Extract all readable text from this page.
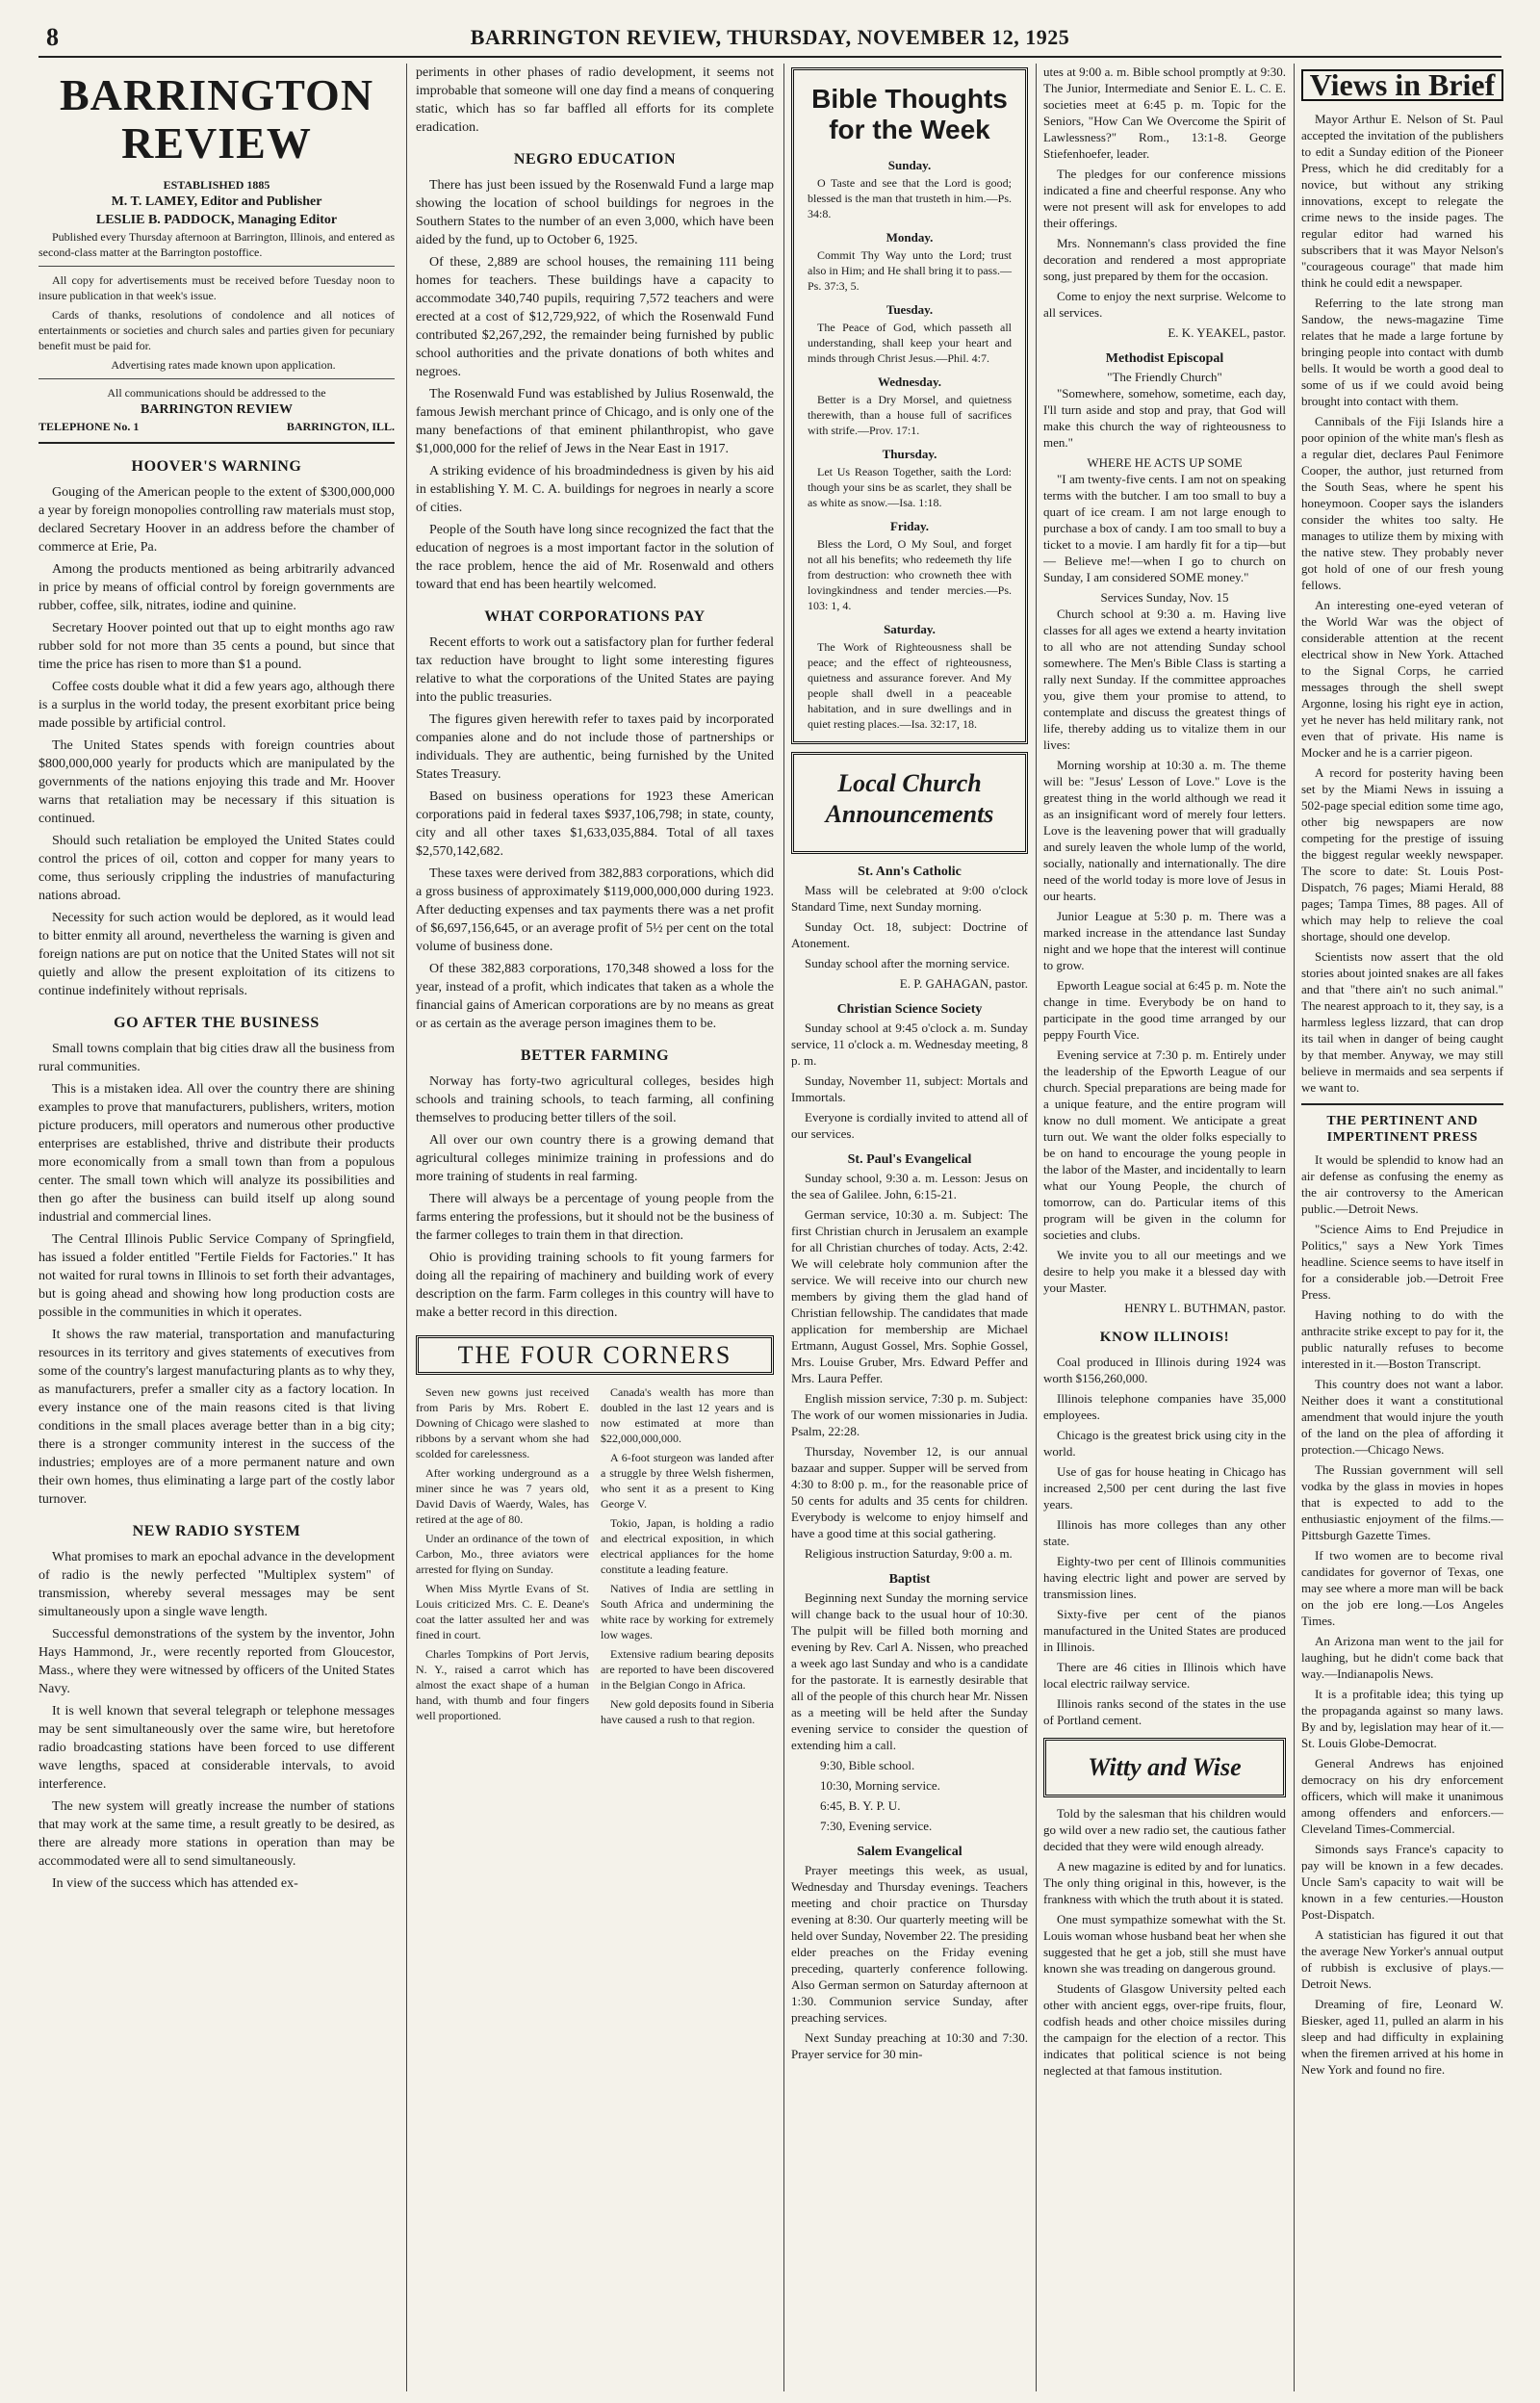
8	BARRINGTON REVIEW, THURSDAY, NOVEMBER 12, 1925
BARRINGTON REVIEW
ESTABLISHED 1885
M. T. LAMEY, Editor and Publisher
LESLIE B. PADDOCK, Managing Editor

Published every Thursday afternoon at Barrington, Illinois, and entered as second-class matter at the Barrington postoffice.

All copy for advertisements must be received before Tuesday noon to insure publication in that week's issue.

Cards of thanks, resolutions of condolence and all notices of entertainments or societies and church sales and parties given for pecuniary benefit must be paid for.

Advertising rates made known upon application.

All communications should be addressed to the
BARRINGTON REVIEW
TELEPHONE No. 1	BARRINGTON, ILL.
HOOVER'S WARNING

Gouging of the American people to the extent of $300,000,000 a year by foreign monopolies controlling raw materials must stop, declared Secretary Hoover in an address before the chamber of commerce at Erie, Pa.

Among the products mentioned as being arbitrarily advanced in price by means of official control by foreign governments are rubber, coffee, silk, nitrates, iodine and quinine.

Secretary Hoover pointed out that up to eight months ago raw rubber sold for not more than 35 cents a pound, but since that time the price has risen to more than $1 a pound.

Coffee costs double what it did a few years ago, although there is a surplus in the world today, the present exorbitant price being made possible by artificial control.

The United States spends with foreign countries about $800,000,000 yearly for products which are manipulated by the governments of the nations enjoying this trade and Mr. Hoover warns that retaliation may be necessary if this situation is continued.

Should such retaliation be employed the United States could control the prices of oil, cotton and copper for many years to come, thus seriously crippling the industries of manufacturing nations abroad.

Necessity for such action would be deplored, as it would lead to bitter enmity all around, nevertheless the warning is given and foreign nations are put on notice that the United States will not sit quietly and allow the present exploitation of its citizens to continue indefinitely without reprisals.

GO AFTER THE BUSINESS

Small towns complain that big cities draw all the business from rural communities.

This is a mistaken idea. All over the country there are shining examples to prove that manufacturers, publishers, writers, motion picture producers, mill operators and numerous other productive enterprises are established, thrive and distribute their products more economically from a small town than from a populous center. The small town which will analyze its possibilities and then go after the business can build itself up along sound industrial and commercial lines.

The Central Illinois Public Service Company of Springfield, has issued a folder entitled "Fertile Fields for Factories." It has not waited for rural towns in Illinois to set forth their advantages, but is going ahead and showing how long production costs are possible in the communities in which it operates.

It shows the raw material, transportation and manufacturing resources in its territory and gives statements of executives from some of the country's largest manufacturing plants as to why they, as manufacturers, prefer a smaller city as a factory location. In every instance one of the main reasons cited is that living conditions in the small places average better than in a big city; there is a stronger community interest in the success of the industries; employes are of a more permanent nature and own their own homes, thus eliminating a large part of the costly labor turnover.

NEW RADIO SYSTEM

What promises to mark an epochal advance in the development of radio is the newly perfected "Multiplex system" of transmission, whereby several messages may be sent simultaneously upon a single wave length.

Successful demonstrations of the system by the inventor, John Hays Hammond, Jr., were recently reported from Gloucestor, Mass., where they were witnessed by officers of the United States Navy.

It is well known that several telegraph or telephone messages may be sent simultaneously over the same wire, but heretofore radio broadcasting stations have been forced to use different wave lengths, spaced at considerable intervals, to avoid interference.

The new system will greatly increase the number of stations that may work at the same time, a result greatly to be desired, as there are already more stations in operation than may be accommodated were all to send simultaneously.

In view of the success which has attended ex-

periments in other phases of radio development, it seems not improbable that someone will one day find a means of conquering static, which has so far baffled all efforts for its complete eradication.

NEGRO EDUCATION

There has just been issued by the Rosenwald Fund a large map showing the location of school buildings for negroes in the Southern States to the number of an even 3,000, which have been aided by the fund, up to October 6, 1925.

Of these, 2,889 are school houses, the remaining 111 being homes for teachers. These buildings have a capacity to accommodate 340,740 pupils, requiring 7,572 teachers and were erected at a cost of $12,729,922, of which the Rosenwald Fund contributed $2,267,292, the remainder being furnished by public school authorities and the private donations of both whites and negroes.

The Rosenwald Fund was established by Julius Rosenwald, the famous Jewish merchant prince of Chicago, and is only one of the many benefactions of that eminent philanthropist, who gave $1,000,000 for the relief of Jews in the Near East in 1917.

A striking evidence of his broadmindedness is given by his aid in establishing Y. M. C. A. buildings for negroes in nearly a score of cities.

People of the South have long since recognized the fact that the education of negroes is a most important factor in the solution of the race problem, hence the aid of Mr. Rosenwald and others toward that end has been heartily welcomed.

WHAT CORPORATIONS PAY

Recent efforts to work out a satisfactory plan for further federal tax reduction have brought to light some interesting figures relative to what the corporations of the United States are paying into the public treasuries.

The figures given herewith refer to taxes paid by incorporated companies alone and do not include those of partnerships or individuals. They are authentic, being furnished by the United States Treasury.

Based on business operations for 1923 these American corporations paid in federal taxes $937,106,798; in state, county, city and all other taxes $1,633,035,884. Total of all taxes $2,570,142,682.

These taxes were derived from 382,883 corporations, which did a gross business of approximately $119,000,000,000 during 1923. After deducting expenses and tax payments there was a net profit of $6,697,156,645, or an average profit of 5½ per cent on the total volume of business done.

Of these 382,883 corporations, 170,348 showed a loss for the year, instead of a profit, which indicates that taken as a whole the financial gains of American corporations are by no means as great or as certain as the average person imagines them to be.

BETTER FARMING

Norway has forty-two agricultural colleges, besides high schools and training schools, to teach farming, all confining themselves to producing better tillers of the soil.

All over our own country there is a growing demand that agricultural colleges minimize training in professions and do more training of students in real farming.

There will always be a percentage of young people from the farms entering the professions, but it should not be the business of the farmer colleges to train them in that direction.

Ohio is providing training schools to fit young farmers for doing all the repairing of machinery and building work of every description on the farm. Farm colleges in this country will have to make a better record in this direction.

THE FOUR CORNERS

Seven new gowns just received from Paris by Mrs. Robert E. Downing of Chicago were slashed to ribbons by a servant whom she had scolded for carelessness.

After working underground as a miner since he was 7 years old, David Davis of Waerdy, Wales, has retired at the age of 80.

Under an ordinance of the town of Carbon, Mo., three aviators were arrested for flying on Sunday.

When Miss Myrtle Evans of St. Louis criticized Mrs. C. E. Deane's coat the latter assulted her and was fined in court.

Charles Tompkins of Port Jervis, N. Y., raised a carrot which has almost the exact shape of a human hand, with thumb and four fingers well proportioned.

Canada's wealth has more than doubled in the last 12 years and is now estimated at more than $22,000,000,000.

A 6-foot sturgeon was landed after a struggle by three Welsh fishermen, who sent it as a present to King George V.

Tokio, Japan, is holding a radio and electrical exposition, in which electrical appliances for the home constitute a leading feature.

Natives of India are settling in South Africa and undermining the white race by working for extremely low wages.

Extensive radium bearing deposits are reported to have been discovered in the Belgian Congo in Africa.

New gold deposits found in Siberia have caused a rush to that region.

Bible Thoughts for the Week
Sunday.

O Taste and see that the Lord is good; blessed is the man that trusteth in him.—Ps. 34:8.

Monday.

Commit Thy Way unto the Lord; trust also in Him; and He shall bring it to pass.—Ps. 37:3, 5.

Tuesday.

The Peace of God, which passeth all understanding, shall keep your heart and minds through Christ Jesus.—Phil. 4:7.

Wednesday.

Better is a Dry Morsel, and quietness therewith, than a house full of sacrifices with strife.—Prov. 17:1.

Thursday.

Let Us Reason Together, saith the Lord: though your sins be as scarlet, they shall be as white as snow.—Isa. 1:18.

Friday.

Bless the Lord, O My Soul, and forget not all his benefits; who redeemeth thy life from destruction: who crowneth thee with lovingkindness and tender mercies.—Ps. 103: 1, 4.

Saturday.

The Work of Righteousness shall be peace; and the effect of righteousness, quietness and assurance forever. And My people shall dwell in a peaceable habitation, and in sure dwellings and in quiet resting places.—Isa. 32:17, 18.

Local Church Announcements
St. Ann's Catholic

Mass will be celebrated at 9:00 o'clock Standard Time, next Sunday morning.

Sunday Oct. 18, subject: Doctrine of Atonement.

Sunday school after the morning service.

E. P. GAHAGAN, pastor.
Christian Science Society

Sunday school at 9:45 o'clock a. m. Sunday service, 11 o'clock a. m. Wednesday meeting, 8 p. m.

Sunday, November 11, subject: Mortals and Immortals.

Everyone is cordially invited to attend all of our services.

St. Paul's Evangelical

Sunday school, 9:30 a. m. Lesson: Jesus on the sea of Galilee. John, 6:15-21.

German service, 10:30 a. m. Subject: The first Christian church in Jerusalem an example for all Christian churches of today. Acts, 2:42. We will celebrate holy communion after the service. We will receive into our church new members by giving them the glad hand of Christian fellowship. The candidates that made application for membership are Michael Ertmann, August Gossel, Mrs. Sophie Gossel, Mrs. Louise Gruber, Mrs. Edward Peffer and Mrs. Laura Peffer.

English mission service, 7:30 p. m. Subject: The work of our women missionaries in Judia. Psalm, 22:28.

Thursday, November 12, is our annual bazaar and supper. Supper will be served from 4:30 to 8:00 p. m., for the reasonable price of 50 cents for adults and 35 cents for children. Everybody is welcome to enjoy himself and have a good time at this social gathering.

Religious instruction Saturday, 9:00 a. m.

Baptist

Beginning next Sunday the morning service will change back to the usual hour of 10:30. The pulpit will be filled both morning and evening by Rev. Carl A. Nissen, who preached a week ago last Sunday and who is a candidate for the pastorate. It is earnestly desirable that all of the people of this church hear Mr. Nissen as a meeting will be held after the Sunday evening service to consider the question of extending him a call.

9:30, Bible school.

10:30, Morning service.

6:45, B. Y. P. U.

7:30, Evening service.

Salem Evangelical

Prayer meetings this week, as usual, Wednesday and Thursday evenings. Teachers meeting and choir practice on Thursday evening at 8:30. Our quarterly meeting will be held over Sunday, November 22. The presiding elder preaches on the Friday evening preceding, quarterly conference following. Also German sermon on Saturday afternoon at 1:30. Communion service Sunday, after preaching services.

Next Sunday preaching at 10:30 and 7:30. Prayer service for 30 min-

utes at 9:00 a. m. Bible school promptly at 9:30. The Junior, Intermediate and Senior E. L. C. E. societies meet at 6:45 p. m. Topic for the Seniors, "How Can We Overcome the Spirit of Lawlessness?" Rom., 13:1-8. George Stiefenhoefer, leader.

The pledges for our conference missions indicated a fine and cheerful response. Any who were not present will ask for envelopes to add their offerings.

Mrs. Nonnemann's class provided the fine decoration and rendered a most appropriate song, just prepared by them for the occasion.

Come to enjoy the next surprise. Welcome to all services.

E. K. YEAKEL, pastor.
Methodist Episcopal
"The Friendly Church"

"Somewhere, somehow, sometime, each day, I'll turn aside and stop and pray, that God will make this church the way of righteousness to men."

WHERE HE ACTS UP SOME

"I am twenty-five cents. I am not on speaking terms with the butcher. I am too small to buy a quart of ice cream. I am not large enough to purchase a box of candy. I am too small to buy a ticket to a movie. I am hardly fit for a tip—but— Believe me!—when I go to church on Sunday, I am considered SOME money."

Services Sunday, Nov. 15

Church school at 9:30 a. m. Having live classes for all ages we extend a hearty invitation to all who are not attending Sunday school somewhere. The Men's Bible Class is starting a rally next Sunday. If the committee approaches you, give them your promise to attend, to contemplate and discuss the greatest things of life, thereby adding us to vitalize them in our lives:

Morning worship at 10:30 a. m. The theme will be: "Jesus' Lesson of Love." Love is the greatest thing in the world although we read it as an insignificant word of merely four letters. Love is the leavening power that will gradually and surely leaven the whole lump of the world, socially, nationally and internationally. The dire need of the world today is more love of Jesus in our hearts.

Junior League at 5:30 p. m. There was a marked increase in the attendance last Sunday night and we hope that the interest will continue to grow.

Epworth League social at 6:45 p. m. Note the change in time. Everybody be on hand to participate in the good time arranged by our peppy Fourth Vice.

Evening service at 7:30 p. m. Entirely under the leadership of the Epworth League of our church. Special preparations are being made for a unique feature, and the entire program will know no dull moment. We anticipate a great turn out. We want the older folks especially to be on hand to encourage the young people in the labor of the Master, and incidentally to learn what our Young People, the church of tomorrow, can do. Particular items of this program will be given in the column for societies and clubs.

We invite you to all our meetings and we desire to help you make it a blessed day with your Master.

HENRY L. BUTHMAN, pastor.
KNOW ILLINOIS!

Coal produced in Illinois during 1924 was worth $156,260,000.

Illinois telephone companies have 35,000 employees.

Chicago is the greatest brick using city in the world.

Use of gas for house heating in Chicago has increased 2,500 per cent during the last five years.

Illinois has more colleges than any other state.

Eighty-two per cent of Illinois communities having electric light and power are served by transmission lines.

Sixty-five per cent of the pianos manufactured in the United States are produced in Illinois.

There are 46 cities in Illinois which have local electric railway service.

Illinois ranks second of the states in the use of Portland cement.

Witty and Wise

Told by the salesman that his children would go wild over a new radio set, the cautious father decided that they were wild enough already.

A new magazine is edited by and for lunatics. The only thing original in this, however, is the frankness with which the truth about it is stated.

One must sympathize somewhat with the St. Louis woman whose husband beat her when she suggested that he get a job, still she must have known she was treading on dangerous ground.

Students of Glasgow University pelted each other with ancient eggs, over-ripe fruits, flour, codfish heads and other choice missiles during the campaign for the election of a rector. This indicates that political science is not being neglected at that famous institution.

Views in Brief

Mayor Arthur E. Nelson of St. Paul accepted the invitation of the publishers to edit a Sunday edition of the Pioneer Press, which he did creditably for a novice, but without any striking innovations, except to relegate the crime news to the inside pages. The regular editor had warned his subscribers that it was Mayor Nelson's "courageous courage" that made him think he could edit a newspaper.

Referring to the late strong man Sandow, the news-magazine Time relates that he made a large fortune by bringing people into contact with dumb bells. It would be worth a good deal to some of us if we could avoid being brought into contact with them.

Cannibals of the Fiji Islands hire a poor opinion of the white man's flesh as a regular diet, declares Paul Fenimore Cooper, the author, just returned from the South Seas, where he spent his honeymoon. Cooper says the islanders consider the whites too salty. He manages to utilize them by mixing with the native stew. They probably never got hold of one of our fresh young fellows.

An interesting one-eyed veteran of the World War was the object of considerable attention at the recent electrical show in New York. Attached to the Signal Corps, he carried messages through the shell swept Argonne, losing his right eye in action, yet he never has held military rank, not even that of private. His name is Mocker and he is a carrier pigeon.

A record for posterity having been set by the Miami News in issuing a 502-page special edition some time ago, other big newspapers are now competing for the prestige of issuing the biggest regular weekly newspaper. The score to date: St. Louis Post-Dispatch, 76 pages; Miami Herald, 88 pages; Tampa Times, 88 pages. All of which may help to relieve the coal shortage, should one develop.

Scientists now assert that the old stories about jointed snakes are all fakes and that "there ain't no such animal." The nearest approach to it, they say, is a harmless legless lizzard, that can drop its tail when in danger of being caught by that member. Anyway, we may still believe in mermaids and sea serpents if we want to.

THE PERTINENT AND IMPERTINENT PRESS

It would be splendid to know had an air defense as confusing the enemy as the air controversy to the American public.—Detroit News.

"Science Aims to End Prejudice in Politics," says a New York Times headline. Science seems to have itself in for a considerable job.—Detroit Free Press.

Having nothing to do with the anthracite strike except to pay for it, the public naturally refuses to become interested in it.—Boston Transcript.

This country does not want a labor. Neither does it want a constitutional amendment that would injure the youth of the land on the plea of affording it protection.—Chicago News.

The Russian government will sell vodka by the glass in movies in hopes that is expected to add to the enthusiastic enjoyment of the films.—Pittsburgh Gazette Times.

If two women are to become rival candidates for governor of Texas, one may see where a more man will be back on the job ere long.—Los Angeles Times.

An Arizona man went to the jail for laughing, but he didn't come back that way.—Indianapolis News.

It is a profitable idea; this tying up the propaganda against so many laws. By and by, legislation may hear of it.—St. Louis Globe-Democrat.

General Andrews has enjoined democracy on his dry enforcement officers, which will make it unanimous among offenders and enforcers.—Cleveland Times-Commercial.

Simonds says France's capacity to pay will be known in a few decades. Uncle Sam's capacity to wait will be known in a few centuries.—Houston Post-Dispatch.

A statistician has figured it out that the average New Yorker's annual output of rubbish is exclusive of plays.—Detroit News.

Dreaming of fire, Leonard W. Biesker, aged 11, pulled an alarm in his sleep and had difficulty in explaining when the firemen arrived at his home in New York and found no fire.
